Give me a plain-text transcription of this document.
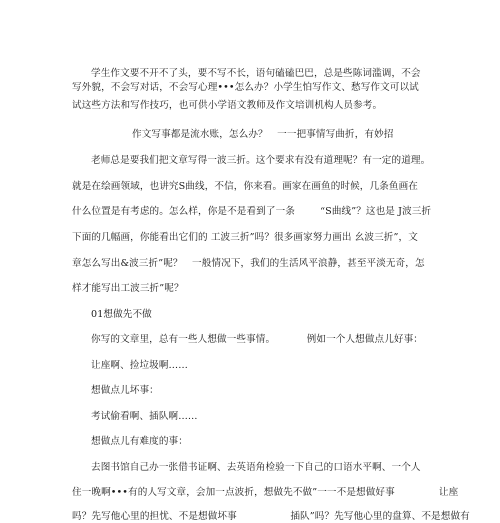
学生作文要不开不了头，要不写不长，语句磕磕巴巴，总是些陈词滥调，不会
写外貌，不会写对话，不会写心理•••怎么办？小学生怕写作文、愁写作文可以试
试这些方法和写作技巧，也可供小学语文教师及作文培训机构人员参考。
作文写事都是流水账，怎么办？   一一把事情写曲折，有妙招
老师总是要我们把文章写得一波三折。这个要求有没有道理呢？有一定的道理。
就是在绘画领域，也讲究S曲线，不信，你来看。画家在画鱼的时候，几条鱼画在
什么位置是有考虑的。怎么样，你是不是看到了一条        “S曲线”？这也是 J波三折
下面的几幅画，你能看出它们的 工波三折”吗？很多画家努力画出 幺波三折”，文
章怎么写出&波三折”呢？   一般情况下，我们的生活风平浪静，甚至平淡无奇，怎
样才能写出工波三折”呢？
01想做先不做
你写的文章里，总有一些人想做一些事情。          例如一个人想做点儿好事：
让座啊、捡垃圾啊……
想做点儿坏事：
考试偷看啊、插队啊……
想做点儿有难度的事：
去图书馆自己办一张借书证啊、去英语角检验一下自己的口语水平啊、一个人
住一晚啊•••有的人写文章，会加一点波折，想做先不做”一一不是想做好事              让座
吗？先写他心里的担忧、不是想做坏事                 插队”吗？先写他心里的盘算、不是想做有
